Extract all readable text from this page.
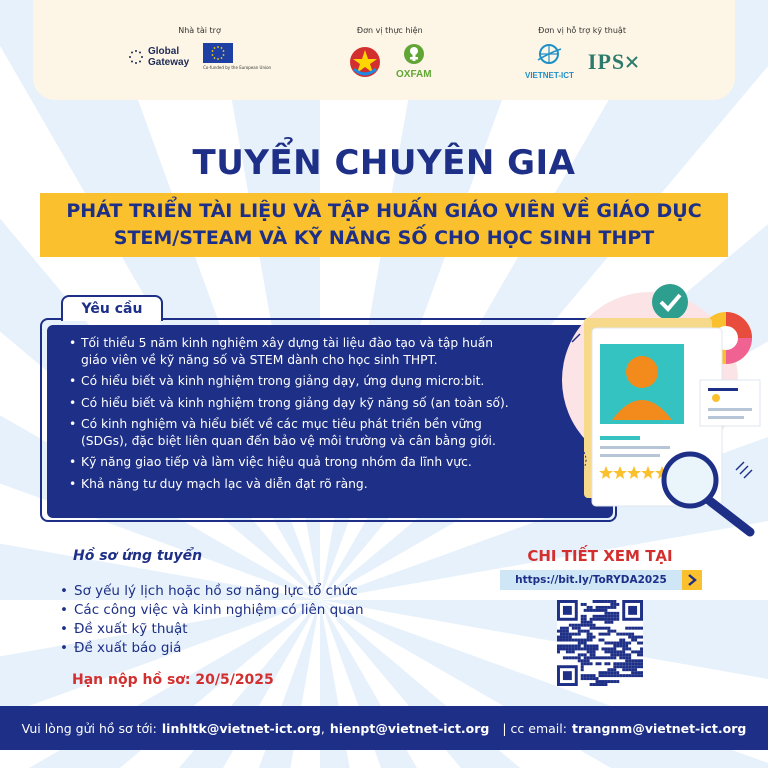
Nhà tài trợ
Global
Gateway	Co-funded by the European Union
Đơn vị thực hiện
OXFAM
Đơn vị hỗ trợ kỹ thuật
VIETNET-ICT
IPS
TUYỂN CHUYÊN GIA
PHÁT TRIỂN TÀI LIỆU VÀ TẬP HUẤN GIÁO VIÊN VỀ GIÁO DỤC
STEM/STEAM VÀ KỸ NĂNG SỐ CHO HỌC SINH THPT
Yêu cầu
• Tối thiểu 5 năm kinh nghiệm xây dựng tài liệu đào tạo và tập huấn
giáo viên về kỹ năng số và STEM dành cho học sinh THPT.
• Có hiểu biết và kinh nghiệm trong giảng dạy, ứng dụng micro:bit.
• Có hiểu biết và kinh nghiệm trong giảng dạy kỹ năng số (an toàn số).
• Có kinh nghiệm và hiểu biết về các mục tiêu phát triển bền vững
(SDGs), đặc biệt liên quan đến bảo vệ môi trường và cân bằng giới.
• Kỹ năng giao tiếp và làm việc hiệu quả trong nhóm đa lĩnh vực.
• Khả năng tư duy mạch lạc và diễn đạt rõ ràng.
Hồ sơ ứng tuyển
• Sơ yếu lý lịch hoặc hồ sơ năng lực tổ chức
• Các công việc và kinh nghiệm có liên quan
• Đề xuất kỹ thuật
• Đề xuất báo giá
Hạn nộp hồ sơ: 20/5/2025
CHI TIẾT XEM TẠI
https://bit.ly/ToRYDA2025
Vui lòng gửi hồ sơ tới: linhltk@vietnet-ict.org , hienpt@vietnet-ict.org | cc email: trangnm@vietnet-ict.org
